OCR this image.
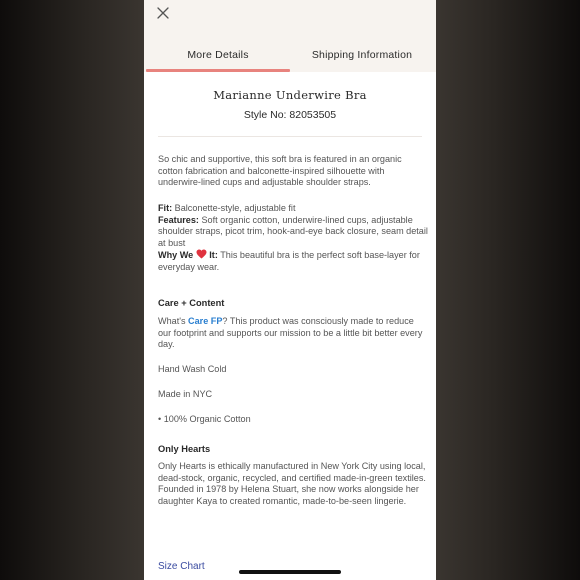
More Details	Shipping Information
Marianne Underwire Bra
Style No: 82053505
So chic and supportive, this soft bra is featured in an organic cotton fabrication and balconette-inspired silhouette with underwire-lined cups and adjustable shoulder straps.
Fit: Balconette-style, adjustable fit
Features: Soft organic cotton, underwire-lined cups, adjustable shoulder straps, picot trim, hook-and-eye back closure, seam detail at bust
Why We  It: This beautiful bra is the perfect soft base-layer for everyday wear.
Care + Content
What's Care FP? This product was consciously made to reduce our footprint and supports our mission to be a little bit better every day.
Hand Wash Cold
Made in NYC
• 100% Organic Cotton
Only Hearts
Only Hearts is ethically manufactured in New York City using local, dead-stock, organic, recycled, and certified made-in-green textiles. Founded in 1978 by Helena Stuart, she now works alongside her daughter Kaya to created romantic, made-to-be-seen lingerie.
Size Chart
